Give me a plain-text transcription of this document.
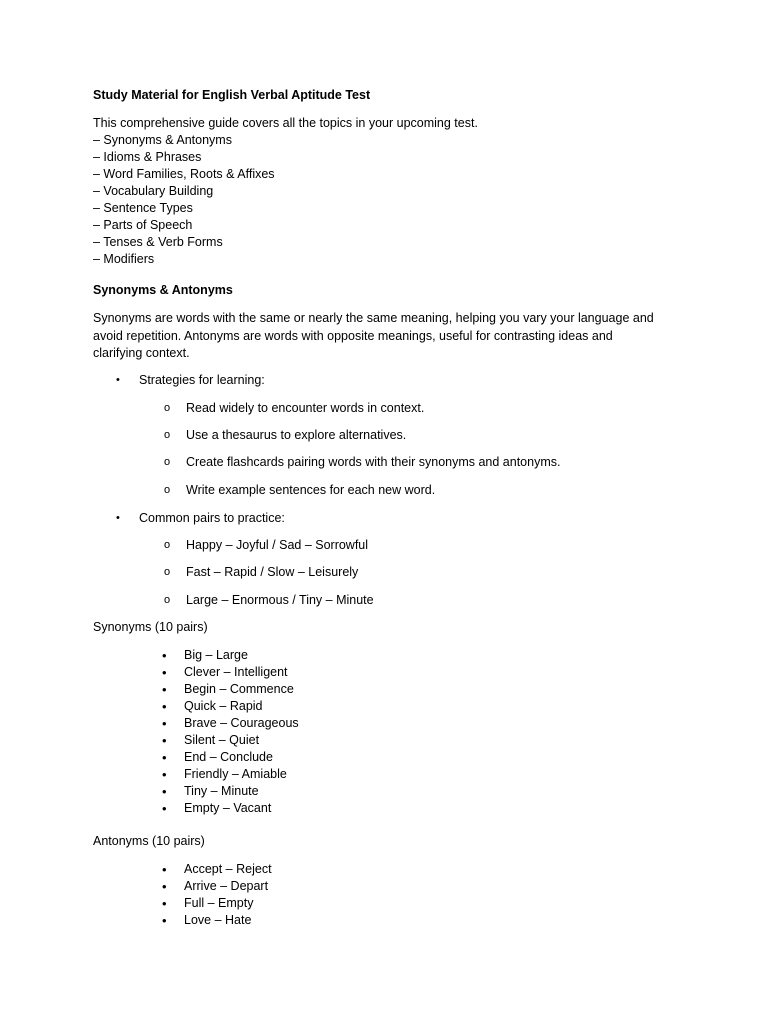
Study Material for English Verbal Aptitude Test
This comprehensive guide covers all the topics in your upcoming test.
– Synonyms & Antonyms
– Idioms & Phrases
– Word Families, Roots & Affixes
– Vocabulary Building
– Sentence Types
– Parts of Speech
– Tenses & Verb Forms
– Modifiers
Synonyms & Antonyms
Synonyms are words with the same or nearly the same meaning, helping you vary your language and
avoid repetition. Antonyms are words with opposite meanings, useful for contrasting ideas and
clarifying context.
• Strategies for learning:
o Read widely to encounter words in context.
o Use a thesaurus to explore alternatives.
o Create flashcards pairing words with their synonyms and antonyms.
o Write example sentences for each new word.
• Common pairs to practice:
o Happy – Joyful / Sad – Sorrowful
o Fast – Rapid / Slow – Leisurely
o Large – Enormous / Tiny – Minute
Synonyms (10 pairs)
• Big – Large
• Clever – Intelligent
• Begin – Commence
• Quick – Rapid
• Brave – Courageous
• Silent – Quiet
• End – Conclude
• Friendly – Amiable
• Tiny – Minute
• Empty – Vacant
Antonyms (10 pairs)
• Accept – Reject
• Arrive – Depart
• Full – Empty
• Love – Hate
